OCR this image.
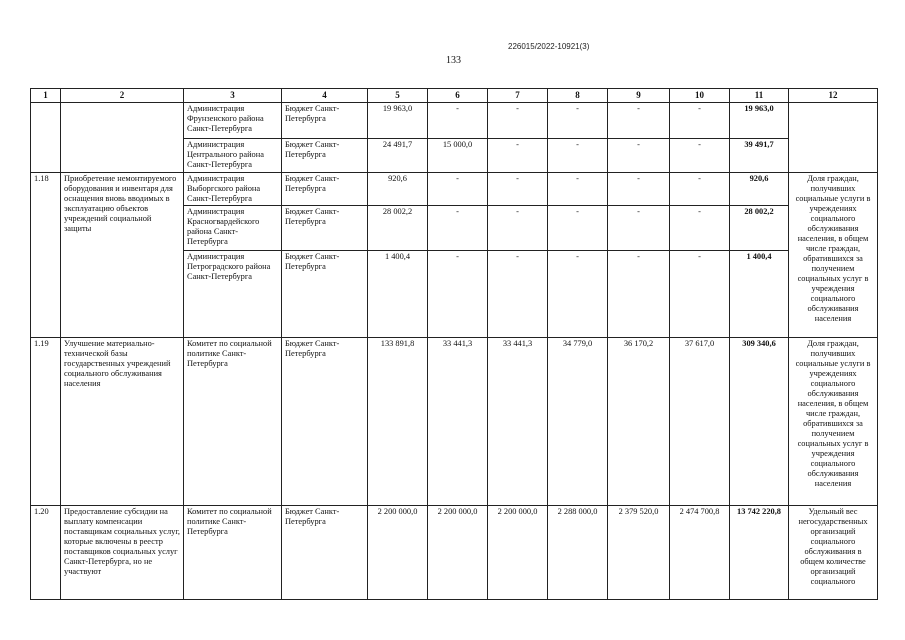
226015/2022-10921(3)
133
1	2	3	4	5	6	7	8	9	10	11	12
		Администрация Фрунзенского района Санкт-Петербурга	Бюджет Санкт-Петербурга	19 963,0	-	-	-	-	-	19 963,0	
		Администрация Центрального района Санкт-Петербурга	Бюджет Санкт-Петербурга	24 491,7	15 000,0	-	-	-	-	39 491,7	
1.18	Приобретение немонтируемого оборудования и инвентаря для оснащения вновь вводимых в эксплуатацию объектов учреждений социальной защиты	Администрация Выборгского района Санкт-Петербурга	Бюджет Санкт-Петербурга	920,6	-	-	-	-	-	920,6	Доля граждан, получивших социальные услуги в учреждениях социального обслуживания населения, в общем числе граждан, обратившихся за получением социальных услуг в учреждения социального обслуживания населения
		Администрация Красногвардейского района Санкт-Петербурга	Бюджет Санкт-Петербурга	28 002,2	-	-	-	-	-	28 002,2	
		Администрация Петроградского района Санкт-Петербурга	Бюджет Санкт-Петербурга	1 400,4	-	-	-	-	-	1 400,4	
1.19	Улучшение материально-технической базы государственных учреждений социального обслуживания населения	Комитет по социальной политике Санкт-Петербурга	Бюджет Санкт-Петербурга	133 891,8	33 441,3	33 441,3	34 779,0	36 170,2	37 617,0	309 340,6	Доля граждан, получивших социальные услуги в учреждениях социального обслуживания населения, в общем числе граждан, обратившихся за получением социальных услуг в учреждения социального обслуживания населения
1.20	Предоставление субсидии на выплату компенсации поставщикам социальных услуг, которые включены в реестр поставщиков социальных услуг Санкт-Петербурга, но не участвуют	Комитет по социальной политике Санкт-Петербурга	Бюджет Санкт-Петербурга	2 200 000,0	2 200 000,0	2 200 000,0	2 288 000,0	2 379 520,0	2 474 700,8	13 742 220,8	Удельный вес негосударственных организаций социального обслуживания в общем количестве организаций социального
